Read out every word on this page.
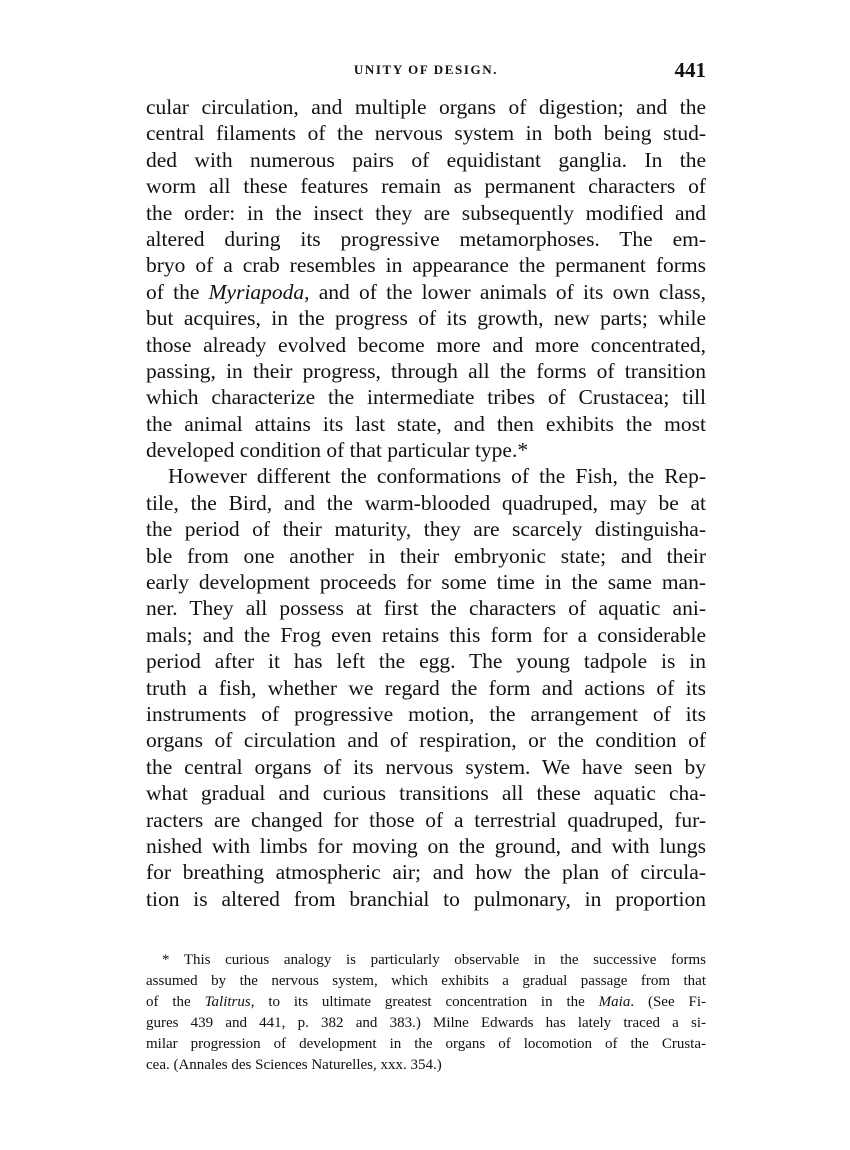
UNITY OF DESIGN.	441
cular circulation, and multiple organs of digestion; and the
central filaments of the nervous system in both being stud-
ded with numerous pairs of equidistant ganglia. In the
worm all these features remain as permanent characters of
the order: in the insect they are subsequently modified and
altered during its progressive metamorphoses. The em-
bryo of a crab resembles in appearance the permanent forms
of the Myriapoda, and of the lower animals of its own class,
but acquires, in the progress of its growth, new parts; while
those already evolved become more and more concentrated,
passing, in their progress, through all the forms of transition
which characterize the intermediate tribes of Crustacea; till
the animal attains its last state, and then exhibits the most
developed condition of that particular type.*
However different the conformations of the Fish, the Rep-
tile, the Bird, and the warm-blooded quadruped, may be at
the period of their maturity, they are scarcely distinguisha-
ble from one another in their embryonic state; and their
early development proceeds for some time in the same man-
ner. They all possess at first the characters of aquatic ani-
mals; and the Frog even retains this form for a considerable
period after it has left the egg. The young tadpole is in
truth a fish, whether we regard the form and actions of its
instruments of progressive motion, the arrangement of its
organs of circulation and of respiration, or the condition of
the central organs of its nervous system. We have seen by
what gradual and curious transitions all these aquatic cha-
racters are changed for those of a terrestrial quadruped, fur-
nished with limbs for moving on the ground, and with lungs
for breathing atmospheric air; and how the plan of circula-
tion is altered from branchial to pulmonary, in proportion
* This curious analogy is particularly observable in the successive forms
assumed by the nervous system, which exhibits a gradual passage from that
of the Talitrus, to its ultimate greatest concentration in the Maia. (See Fi-
gures 439 and 441, p. 382 and 383.) Milne Edwards has lately traced a si-
milar progression of development in the organs of locomotion of the Crusta-
cea. (Annales des Sciences Naturelles, xxx. 354.)
